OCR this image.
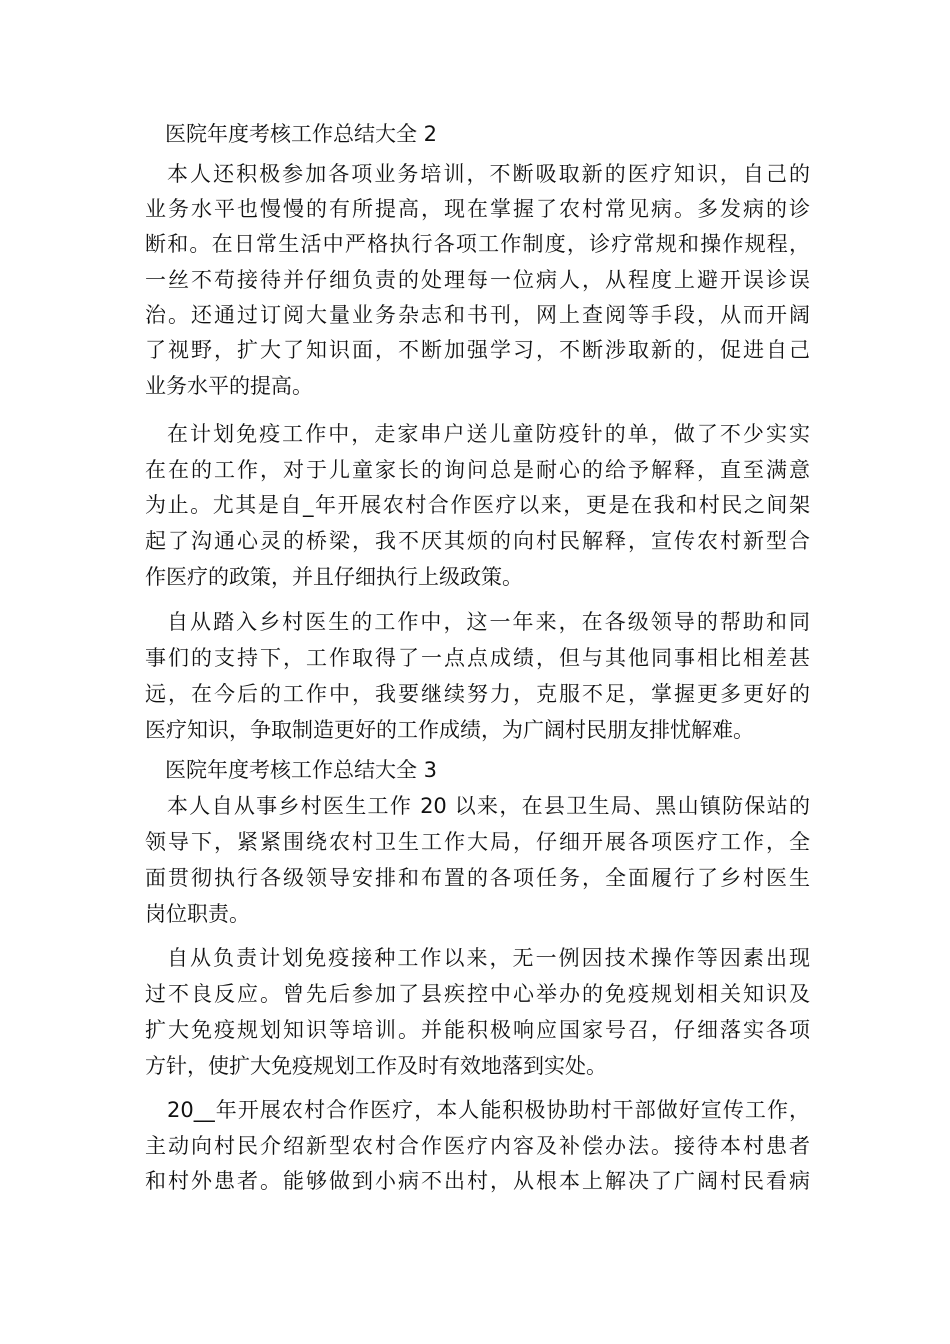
医院年度考核工作总结大全 2
本人还积极参加各项业务培训，不断吸取新的医疗知识，自己的
业务水平也慢慢的有所提高，现在掌握了农村常见病。多发病的诊
断和。在日常生活中严格执行各项工作制度，诊疗常规和操作规程，
一丝不苟接待并仔细负责的处理每一位病人，从程度上避开误诊误
治。还通过订阅大量业务杂志和书刊，网上查阅等手段，从而开阔
了视野，扩大了知识面，不断加强学习，不断涉取新的，促进自己
业务水平的提高。
在计划免疫工作中，走家串户送儿童防疫针的单，做了不少实实
在在的工作，对于儿童家长的询问总是耐心的给予解释，直至满意
为止。尤其是自_年开展农村合作医疗以来，更是在我和村民之间架
起了沟通心灵的桥梁，我不厌其烦的向村民解释，宣传农村新型合
作医疗的政策，并且仔细执行上级政策。
自从踏入乡村医生的工作中，这一年来，在各级领导的帮助和同
事们的支持下，工作取得了一点点成绩，但与其他同事相比相差甚
远，在今后的工作中，我要继续努力，克服不足，掌握更多更好的
医疗知识，争取制造更好的工作成绩，为广阔村民朋友排忧解难。
医院年度考核工作总结大全 3
本人自从事乡村医生工作 20 以来，在县卫生局、黑山镇防保站的
领导下，紧紧围绕农村卫生工作大局，仔细开展各项医疗工作，全
面贯彻执行各级领导安排和布置的各项任务，全面履行了乡村医生
岗位职责。
自从负责计划免疫接种工作以来，无一例因技术操作等因素出现
过不良反应。曾先后参加了县疾控中心举办的免疫规划相关知识及
扩大免疫规划知识等培训。并能积极响应国家号召，仔细落实各项
方针，使扩大免疫规划工作及时有效地落到实处。
20__年开展农村合作医疗，本人能积极协助村干部做好宣传工作，
主动向村民介绍新型农村合作医疗内容及补偿办法。接待本村患者
和村外患者。能够做到小病不出村，从根本上解决了广阔村民看病
